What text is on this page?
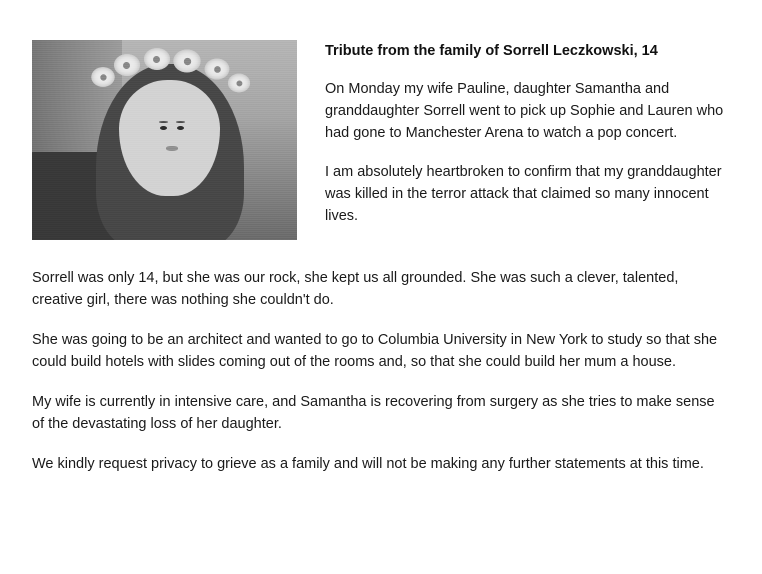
Tribute from the family of Sorrell Leczkowski, 14

On Monday my wife Pauline, daughter Samantha and granddaughter Sorrell went to pick up Sophie and Lauren who had gone to Manchester Arena to watch a pop concert.

I am absolutely heartbroken to confirm that my granddaughter was killed in the terror attack that claimed so many innocent lives.

Sorrell was only 14, but she was our rock, she kept us all grounded. She was such a clever, talented, creative girl, there was nothing she couldn't do.

She was going to be an architect and wanted to go to Columbia University in New York to study so that she could build hotels with slides coming out of the rooms and, so that she could build her mum a house.

My wife is currently in intensive care, and Samantha is recovering from surgery as she tries to make sense of the devastating loss of her daughter.

We kindly request privacy to grieve as a family and will not be making any further statements at this time.
